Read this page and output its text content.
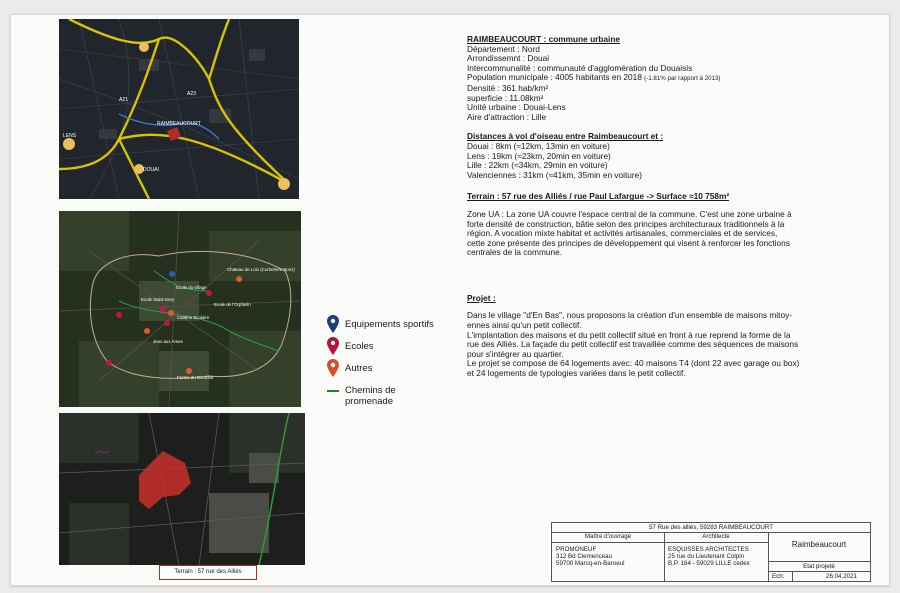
RAIMBEAUCOURT
A21
A23
DOUAI
LENS
Chateau de Loix (Corbehem Bonz)
Ecole du village
Ecole Saint-Gery
Ecole de l'Orphelin
Cantine Scolaire
Jeux aux Ames
Ferme du Bourdiot
Terrain : 57 rue des Alliés
Equipements sportifs
Ecoles
Autres
Chemins de promenade

RAIMBEAUCOURT : commune urbaine

Département : Nord

Arrondissemnt : Douai

Intercommunalité : communauté d'agglomération du Douaisis

Population municipale : 4005 habitants en 2018 (-1.81% par rapport à 2013)

Densité : 361 hab/km²

superficie : 11.08km²

Unité urbaine : Douai-Lens

Aire d'attraction : Lille

Distances à vol d'oiseau entre Raimbeaucourt et :

Douai : 8km (≈12km, 13min en voiture)

Lens : 19km (≈23km, 20min en voiture)

Lille : 22km (≈34km, 29min en voiture)

Valenciennes : 31km (≈41km, 35min en voiture)

Terrain : 57 rue des Alliés / rue Paul Lafargue -> Surface ≈10 758m²

Zone UA : La zone UA couvre l'espace central de la commune. C'est une zone urbaine à

forte densité de construction, bâtie selon des principes architecturaux traditionnels à la

région. A vocation mixte habitat et activités artisanales, commerciales et de services,

cette zone présente des principes de développement qui visent à renforcer les fonctions

centrales de la commune.

Projet :

Dans le village "d'En Bas", nous proposons la création d'un ensemble de maisons mitoy-

ennes ainsi qu'un petit collectif.

L'implantation des maisons et du petit collectif situé en front à rue reprend la forme de la

rue des Alliés. La façade du petit collectif est travaillée comme des séquences de maisons

pour s'intégrer au quartier.

Le projet se compose de 64 logements avec: 40 maisons T4 (dont 22 avec garage ou box)

et 24 logements de typologies variées dans le petit collectif.

57 Rue des alliés, 59283 RAIMBEAUCOURT
Maître d'ouvrage
PROMONEUF
312 Bd Clemenceau
59700 Marcq-en-Baroeul
Architecte
ESQUISSES ARCHITECTES
25 rue du Lieutenant Colpin
B.P. 184 - 59029 LILLE cedex
Raimbeaucourt
Etat projeté
Ech:	26.04.2021
